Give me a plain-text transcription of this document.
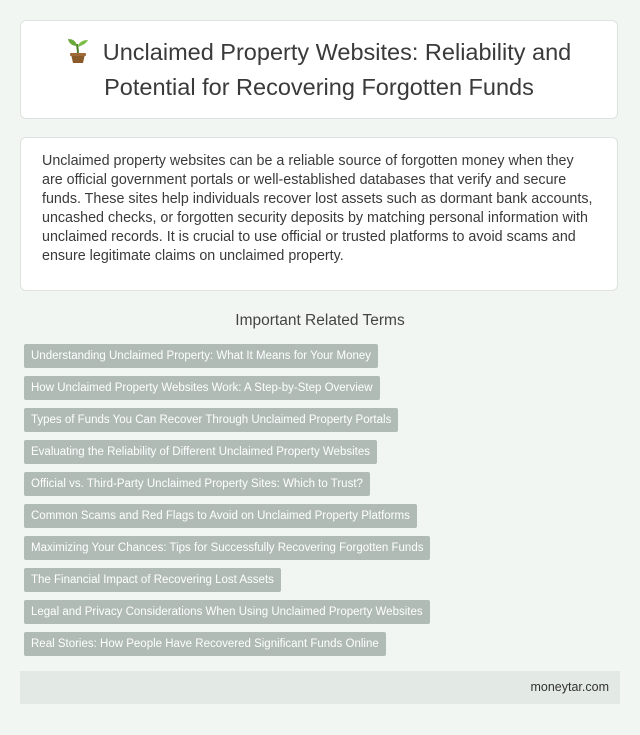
Unclaimed Property Websites: Reliability and Potential for Recovering Forgotten Funds

Unclaimed property websites can be a reliable source of forgotten money when they are official government portals or well-established databases that verify and secure funds. These sites help individuals recover lost assets such as dormant bank accounts, uncashed checks, or forgotten security deposits by matching personal information with unclaimed records. It is crucial to use official or trusted platforms to avoid scams and ensure legitimate claims on unclaimed property.

Important Related Terms
Understanding Unclaimed Property: What It Means for Your Money
How Unclaimed Property Websites Work: A Step-by-Step Overview
Types of Funds You Can Recover Through Unclaimed Property Portals
Evaluating the Reliability of Different Unclaimed Property Websites
Official vs. Third-Party Unclaimed Property Sites: Which to Trust?
Common Scams and Red Flags to Avoid on Unclaimed Property Platforms
Maximizing Your Chances: Tips for Successfully Recovering Forgotten Funds
The Financial Impact of Recovering Lost Assets
Legal and Privacy Considerations When Using Unclaimed Property Websites
Real Stories: How People Have Recovered Significant Funds Online
moneytar.com
